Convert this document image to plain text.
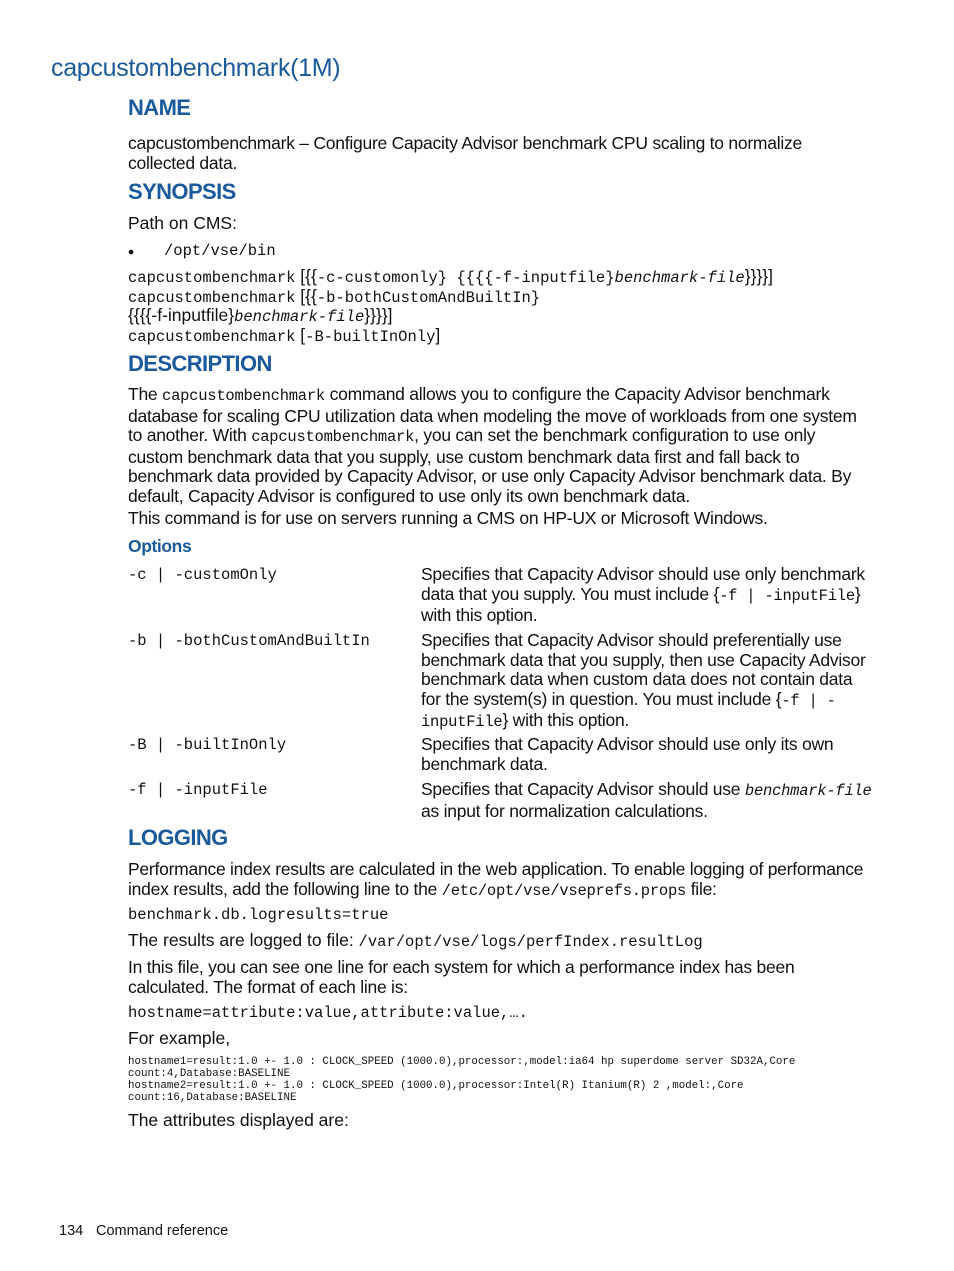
capcustombenchmark(1M)
NAME

capcustombenchmark – Configure Capacity Advisor benchmark CPU scaling to normalize collected data.

SYNOPSIS
Path on CMS:
• /opt/vse/bin
capcustombenchmark [{{-c-customonly} {{{{-f-inputfile}benchmark-file}}}}]
capcustombenchmark [{{-b-bothCustomAndBuiltIn}
{{{{-f-inputfile}benchmark-file}}}}]
capcustombenchmark [-B-builtInOnly]
DESCRIPTION

The capcustombenchmark command allows you to configure the Capacity Advisor benchmark database for scaling CPU utilization data when modeling the move of workloads from one system to another. With capcustombenchmark, you can set the benchmark configuration to use only custom benchmark data that you supply, use custom benchmark data first and fall back to benchmark data provided by Capacity Advisor, or use only Capacity Advisor benchmark data. By default, Capacity Advisor is configured to use only its own benchmark data.

This command is for use on servers running a CMS on HP-UX or Microsoft Windows.

Options
-c | -customOnly	Specifies that Capacity Advisor should use only benchmark data that you supply. You must include {-f | -inputFile} with this option.
-b | -bothCustomAndBuiltIn	Specifies that Capacity Advisor should preferentially use benchmark data that you supply, then use Capacity Advisor benchmark data when custom data does not contain data for the system(s) in question. You must include {-f | -inputFile} with this option.
-B | -builtInOnly	Specifies that Capacity Advisor should use only its own benchmark data.
-f | -inputFile	Specifies that Capacity Advisor should use benchmark-file as input for normalization calculations.
LOGGING

Performance index results are calculated in the web application. To enable logging of performance index results, add the following line to the /etc/opt/vse/vseprefs.props file:

benchmark.db.logresults=true
The results are logged to file: /var/opt/vse/logs/perfIndex.resultLog

In this file, you can see one line for each system for which a performance index has been calculated. The format of each line is:

hostname=attribute:value,attribute:value,….
For example,
hostname1=result:1.0 +- 1.0 : CLOCK_SPEED (1000.0),processor:,model:ia64 hp superdome server SD32A,Core
count:4,Database:BASELINE
hostname2=result:1.0 +- 1.0 : CLOCK_SPEED (1000.0),processor:Intel(R) Itanium(R) 2 ,model:,Core
count:16,Database:BASELINE
The attributes displayed are:
134 Command reference
